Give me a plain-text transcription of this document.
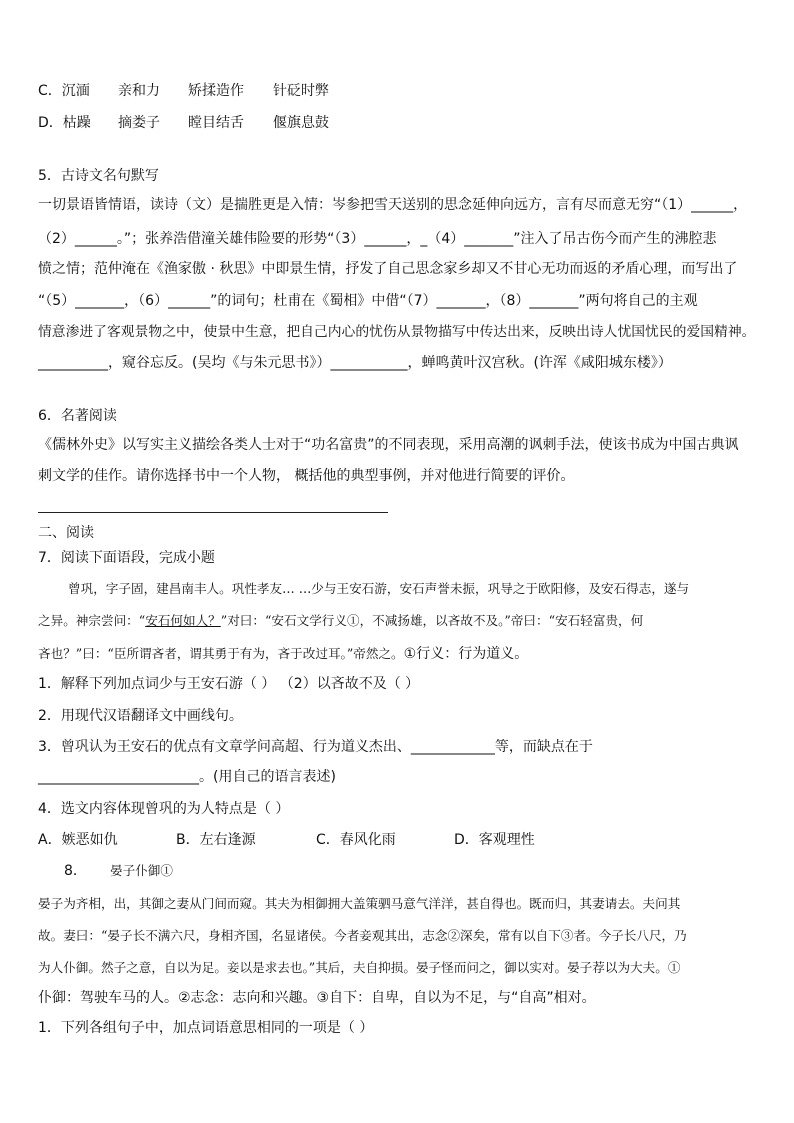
C．沉湎 亲和力 矫揉造作 针砭时弊
D．枯躁 摘娄子 瞠目结舌 偃旗息鼓
5．古诗文名句默写
一切景语皆情语，读诗（文）是揣胜更是入情：岑参把雪天送别的思念延伸向远方，言有尽而意无穷“（1）______，
（2）______。”；张养浩借潼关雄伟险要的形势“（3）______，_（4）_______”注入了吊古伤今而产生的沸腔悲
愤之情；范仲淹在《渔家傲 · 秋思》中即景生情，抒发了自己思念家乡却又不甘心无功而返的矛盾心理，而写出了
“（5）_______，（6）______”的词句；杜甫在《蜀相》中借“（7）_______，（8）_______”两句将自己的主观
情意渗进了客观景物之中，使景中生意，把自己内心的忧伤从景物描写中传达出来，反映出诗人忧国忧民的爱国精神。
__________，窥谷忘反。(吴均《与朱元思书》）___________，蝉鸣黄叶汉宫秋。(许浑《咸阳城东楼》）
6．名著阅读
《儒林外史》以写实主义描绘各类人士对于“功名富贵”的不同表现，采用高潮的讽刺手法，使该书成为中国古典讽
刺文学的佳作。请你选择书中一个人物， 概括他的典型事例，并对他进行简要的评价。
二、阅读
7．阅读下面语段，完成小题
曾巩，字子固，建昌南丰人。巩性孝友… …少与王安石游，安石声誉未振，巩导之于欧阳修，及安石得志，遂与
之异。神宗尝问：“安石何如人？”对曰：“安石文学行义①，不减扬雄，以吝故不及。”帝曰：“安石轻富贵，何
吝也？”曰：“臣所谓吝者，谓其勇于有为，吝于改过耳。”帝然之。①行义：行为道义。
1．解释下列加点词少与王安石游（ ） （2）以吝故不及（ ）
2．用现代汉语翻译文中画线句。
3．曾巩认为王安石的优点有文章学问高超、行为道义杰出、____________等，而缺点在于
_______________________。(用自己的语言表述)
4．选文内容体现曾巩的为人特点是（ ）
A．嫉恶如仇	B．左右逢源	C．春风化雨	D．客观理性
8． 晏子仆御①
晏子为齐相，出，其御之妻从门间而窥。其夫为相御拥大盖策驷马意气洋洋，甚自得也。既而归，其妻请去。夫问其
故。妻曰：“晏子长不满六尺，身相齐国，名显诸侯。今者妾观其出，志念②深矣，常有以自下③者。今子长八尺，乃
为人仆御。然子之意，自以为足。妾以是求去也。”其后，夫自抑损。晏子怪而问之，御以实对。晏子荐以为大夫。①
仆御：驾驶车马的人。②志念：志向和兴趣。③自下：自卑，自以为不足，与“自高”相对。
1．下列各组句子中，加点词语意思相同的一项是（ ）
